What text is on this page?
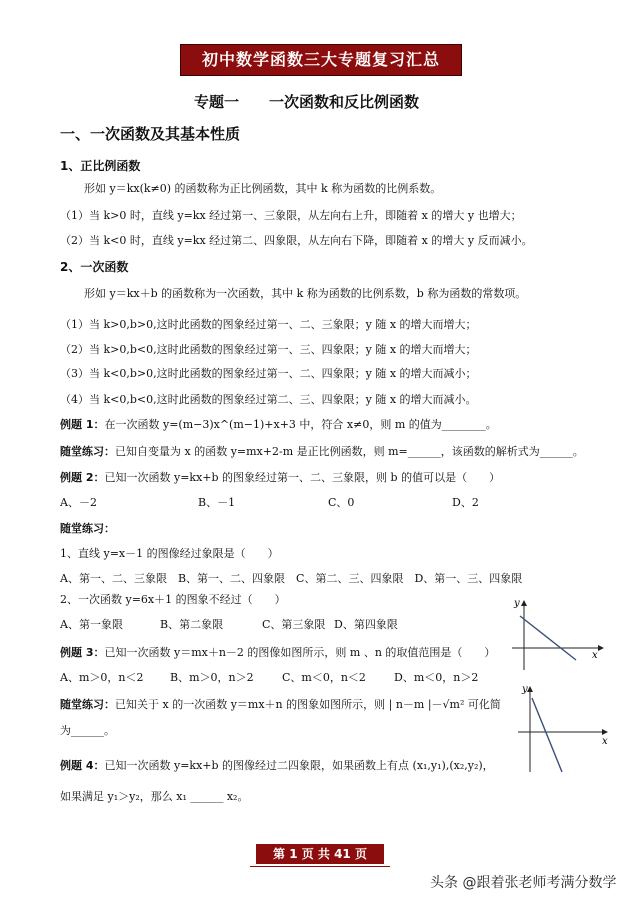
初中数学函数三大专题复习汇总
专题一　　一次函数和反比例函数
一、一次函数及其基本性质
1、正比例函数
形如 y＝kx(k≠0) 的函数称为正比例函数，其中 k 称为函数的比例系数。
（1）当 k>0 时，直线 y=kx 经过第一、三象限，从左向右上升，即随着 x 的增大 y 也增大；
（2）当 k<0 时，直线 y=kx 经过第二、四象限，从左向右下降，即随着 x 的增大 y 反而减小。
2、一次函数
形如 y＝kx＋b 的函数称为一次函数，其中 k 称为函数的比例系数，b 称为函数的常数项。
（1）当 k>0,b>0,这时此函数的图象经过第一、二、三象限；y 随 x 的增大而增大；
（2）当 k>0,b<0,这时此函数的图象经过第一、三、四象限；y 随 x 的增大而增大；
（3）当 k<0,b>0,这时此函数的图象经过第一、二、四象限；y 随 x 的增大而减小；
（4）当 k<0,b<0,这时此函数的图象经过第二、三、四象限；y 随 x 的增大而减小。
例题 1：在一次函数 y=(m−3)x^(m−1)+x+3 中，符合 x≠0，则 m 的值为________。
随堂练习：已知自变量为 x 的函数 y=mx+2-m 是正比例函数，则 m=______，该函数的解析式为______。
例题 2：已知一次函数 y=kx+b 的图象经过第一、二、三象限，则 b 的值可以是（　　）
A、－2	B、－1	C、0	D、2
随堂练习：
1、直线 y=x－1 的图像经过象限是（　　）
A、第一、二、三象限　B、第一、二、四象限　C、第二、三、四象限　D、第一、三、四象限
2、一次函数 y=6x＋1 的图象不经过（　　）
A、第一象限	B、第二象限	C、第三象限 D、第四象限
例题 3：已知一次函数 y＝mx＋n－2 的图像如图所示，则 m 、n 的取值范围是（　　）
A、m＞0，n＜2 B、m＞0，n＞2	C、m＜0，n＜2	D、m＜0，n＞2
随堂练习：已知关于 x 的一次函数 y＝mx＋n 的图象如图所示，则 | n－m |－√m² 可化简
为______。
例题 4：已知一次函数 y=kx+b 的图像经过二四象限，如果函数上有点 (x₁,y₁),(x₂,y₂)，
如果满足 y₁＞y₂，那么 x₁ ______ x₂。
y
x
y
x
第 1 页 共 41 页
头条 @跟着张老师考满分数学
